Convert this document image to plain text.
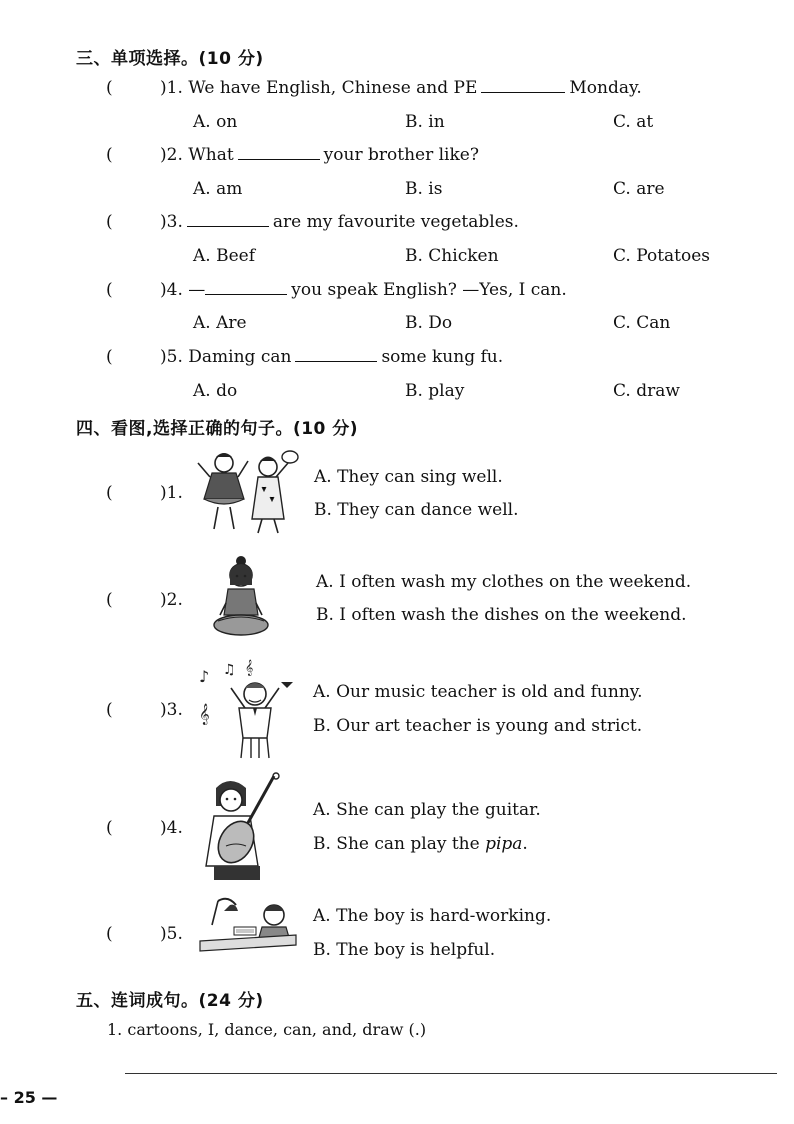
三、单项选择。(10 分)
(	)1. We have English, Chinese and PE	Monday.
A. on	B. in	C. at
(	)2. What	your brother like?
A. am	B. is	C. are
(	)3.	are my favourite vegetables.
A. Beef	B. Chicken	C. Potatoes
(	)4. —	you speak English? —Yes, I can.
A. Are	B. Do	C. Can
(	)5. Daming can	some kung fu.
A. do	B. play	C. draw
四、看图,选择正确的句子。(10 分)
(	)1.
A. They can sing well.
B. They can dance well.
(	)2.
A. I often wash my clothes on the weekend.
B. I often wash the dishes on the weekend.
(	)3.
♪ ♫ 𝄞
𝄞
A. Our music teacher is old and funny.
B. Our art teacher is young and strict.
(	)4.
A. She can play the guitar.
B. She can play the pipa.
(	)5.
A. The boy is hard-working.
B. The boy is helpful.
五、连词成句。(24 分)
1. cartoons, I, dance, can, and, draw (.)
– 25 —
